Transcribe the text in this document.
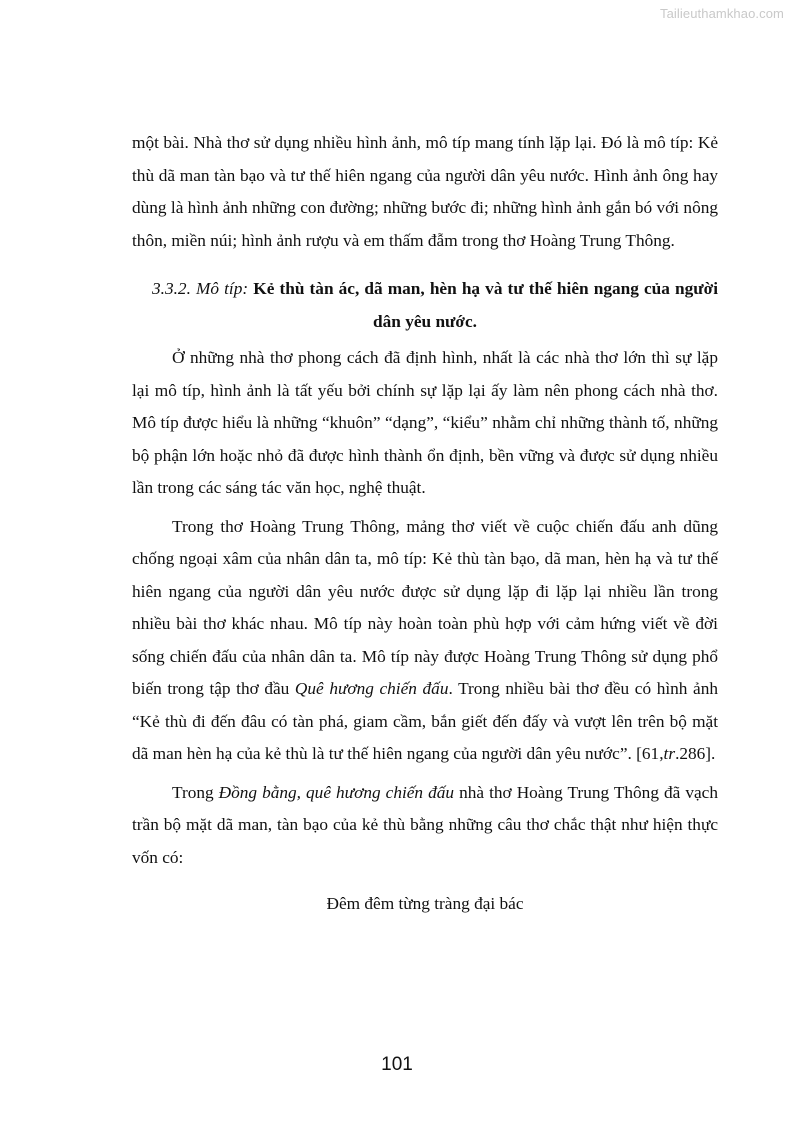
Tailieuthamkhao.com

một bài. Nhà thơ sử dụng nhiều hình ảnh, mô típ mang tính lặp lại. Đó là mô típ: Kẻ thù dã man tàn bạo và tư thế hiên ngang của người dân yêu nước. Hình ảnh ông hay dùng là hình ảnh những con đường; những bước đi; những hình ảnh gắn bó với nông thôn, miền núi; hình ảnh rượu và em thấm đẫm trong thơ Hoàng Trung Thông.

3.3.2. Mô típ: Kẻ thù tàn ác, dã man, hèn hạ và tư thế hiên ngang của người dân yêu nước.

Ở những nhà thơ phong cách đã định hình, nhất là các nhà thơ lớn thì sự lặp lại mô típ, hình ảnh là tất yếu bởi chính sự lặp lại ấy làm nên phong cách nhà thơ. Mô típ được hiểu là những “khuôn” “dạng”, “kiểu” nhằm chỉ những thành tố, những bộ phận lớn hoặc nhỏ đã được hình thành ổn định, bền vững và được sử dụng nhiều lần trong các sáng tác văn học, nghệ thuật.

Trong thơ Hoàng Trung Thông, mảng thơ viết về cuộc chiến đấu anh dũng chống ngoại xâm của nhân dân ta, mô típ: Kẻ thù tàn bạo, dã man, hèn hạ và tư thế hiên ngang của người dân yêu nước được sử dụng lặp đi lặp lại nhiều lần trong nhiều bài thơ khác nhau. Mô típ này hoàn toàn phù hợp với cảm hứng viết về đời sống chiến đấu của nhân dân ta. Mô típ này được Hoàng Trung Thông sử dụng phổ biến trong tập thơ đầu Quê hương chiến đấu. Trong nhiều bài thơ đều có hình ảnh “Kẻ thù đi đến đâu có tàn phá, giam cầm, bắn giết đến đấy và vượt lên trên bộ mặt dã man hèn hạ của kẻ thù là tư thế hiên ngang của người dân yêu nước”. [61,tr.286].

Trong Đồng bằng, quê hương chiến đấu nhà thơ Hoàng Trung Thông đã vạch trần bộ mặt dã man, tàn bạo của kẻ thù bằng những câu thơ chắc thật như hiện thực vốn có:

Đêm đêm từng tràng đại bác

101
